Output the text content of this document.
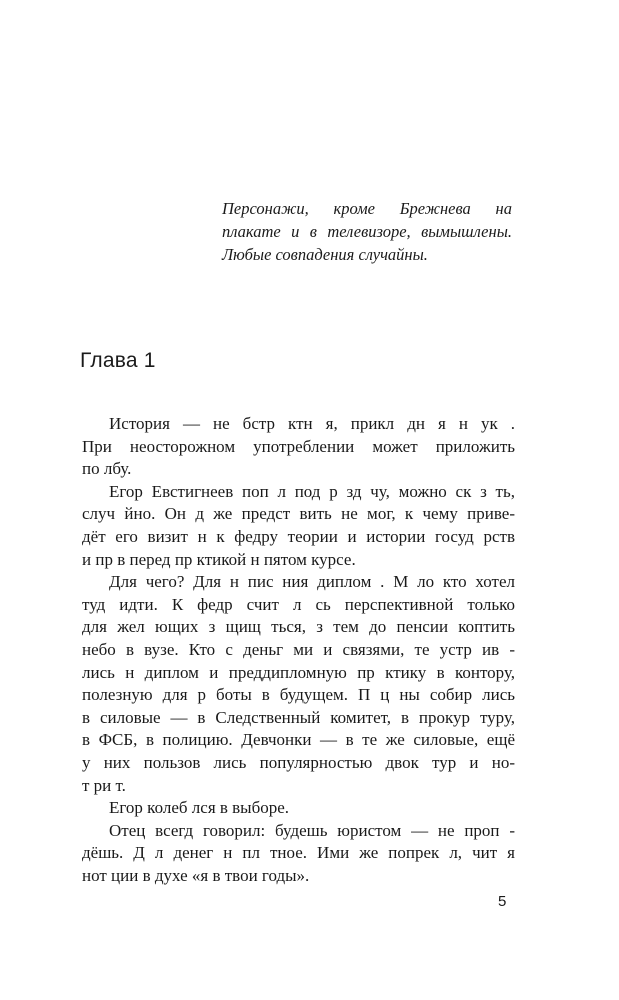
Персонажи, кроме Брежнева на
плакате и в телевизоре, вымышлены.
Любые совпадения случайны.
Глава 1
История — не бстр ктн я, прикл дн я н ук .
При неосторожном употреблении может приложить
по лбу.
Егор Евстигнеев поп л под р зд чу, можно ск з ть,
случ йно. Он д же предст вить не мог, к чему приве-
дёт его визит н к федру теории и истории госуд рств
и пр в перед пр ктикой н пятом курсе.
Для чего? Для н пис ния диплом . М ло кто хотел
туд идти. К федр счит л сь перспективной только
для жел ющих з щищ ться, з тем до пенсии коптить
небо в вузе. Кто с деньг ми и связями, те устр ив -
лись н диплом и преддипломную пр ктику в контору,
полезную для р боты в будущем. П ц ны собир лись
в силовые — в Следственный комитет, в прокур туру,
в ФСБ, в полицию. Девчонки — в те же силовые, ещё
у них пользов лись популярностью двок тур и но-
т ри т.
Егор колеб лся в выборе.
Отец всегд говорил: будешь юристом — не проп -
дёшь. Д л денег н пл тное. Ими же попрек л, чит я
нот ции в духе «я в твои годы».
5
